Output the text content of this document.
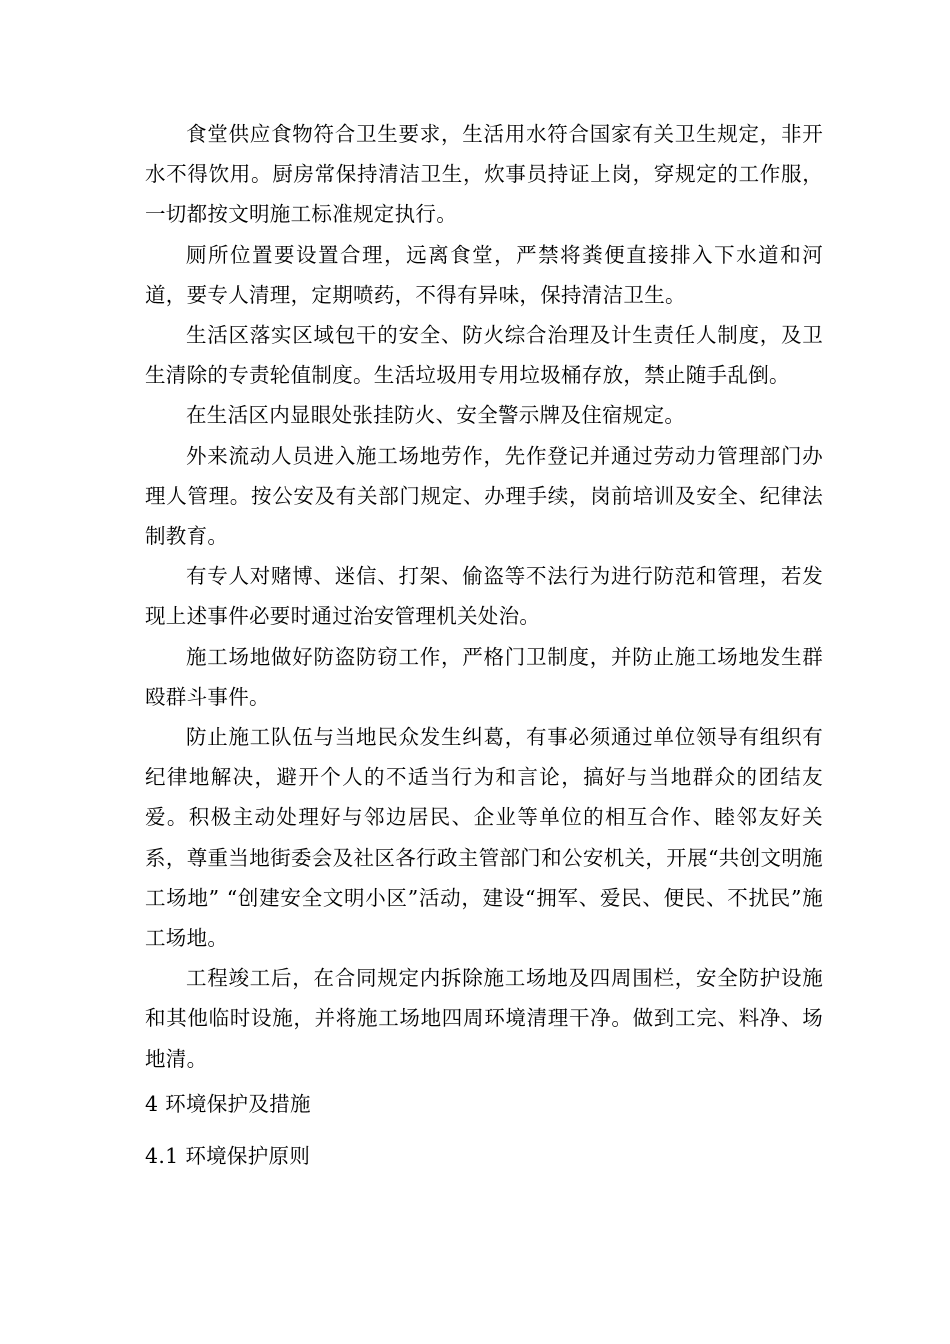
食堂供应食物符合卫生要求，生活用水符合国家有关卫生规定，非开水不得饮用。厨房常保持清洁卫生，炊事员持证上岗，穿规定的工作服，一切都按文明施工标准规定执行。

厕所位置要设置合理，远离食堂，严禁将粪便直接排入下水道和河道，要专人清理，定期喷药，不得有异味，保持清洁卫生。

生活区落实区域包干的安全、防火综合治理及计生责任人制度，及卫生清除的专责轮值制度。生活垃圾用专用垃圾桶存放，禁止随手乱倒。

在生活区内显眼处张挂防火、安全警示牌及住宿规定。

外来流动人员进入施工场地劳作，先作登记并通过劳动力管理部门办理人管理。按公安及有关部门规定、办理手续，岗前培训及安全、纪律法制教育。

有专人对赌博、迷信、打架、偷盗等不法行为进行防范和管理，若发现上述事件必要时通过治安管理机关处治。

施工场地做好防盗防窃工作，严格门卫制度，并防止施工场地发生群殴群斗事件。

防止施工队伍与当地民众发生纠葛，有事必须通过单位领导有组织有纪律地解决，避开个人的不适当行为和言论，搞好与当地群众的团结友爱。积极主动处理好与邻边居民、企业等单位的相互合作、睦邻友好关系，尊重当地街委会及社区各行政主管部门和公安机关，开展“共创文明施工场地” “创建安全文明小区”活动，建设“拥军、爱民、便民、不扰民”施工场地。

工程竣工后，在合同规定内拆除施工场地及四周围栏，安全防护设施和其他临时设施，并将施工场地四周环境清理干净。做到工完、料净、场地清。

4 环境保护及措施
4.1 环境保护原则
